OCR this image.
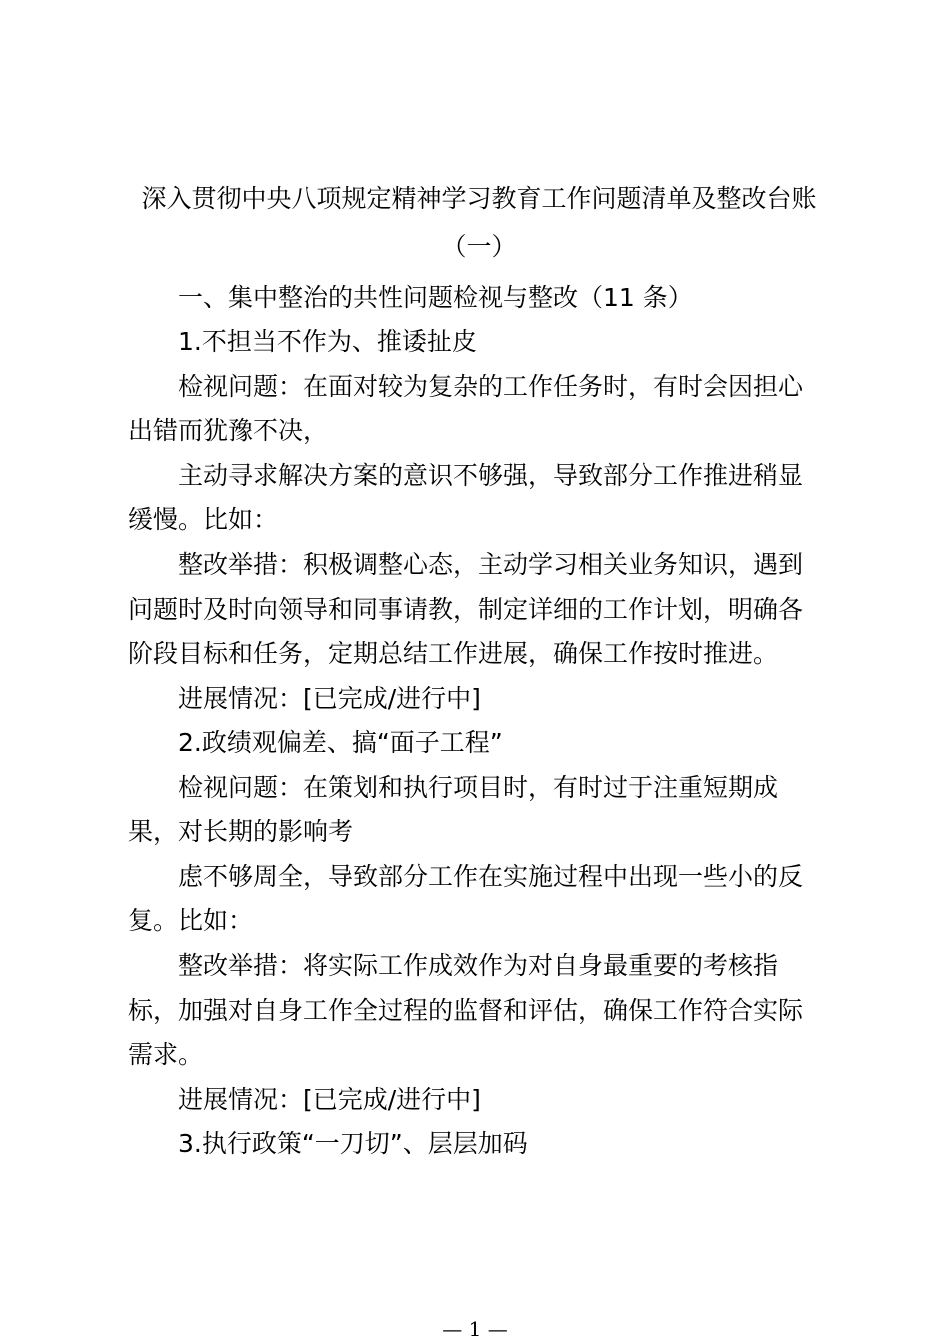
深入贯彻中央八项规定精神学习教育工作问题清单及整改台账
（一）
一、集中整治的共性问题检视与整改（11 条）
1.不担当不作为、推诿扯皮
检视问题：在面对较为复杂的工作任务时，有时会因担心
出错而犹豫不决，
主动寻求解决方案的意识不够强，导致部分工作推进稍显
缓慢。比如：
整改举措：积极调整心态，主动学习相关业务知识，遇到
问题时及时向领导和同事请教，制定详细的工作计划，明确各
阶段目标和任务，定期总结工作进展，确保工作按时推进。
进展情况：[已完成/进行中]
2.政绩观偏差、搞“面子工程”
检视问题：在策划和执行项目时，有时过于注重短期成
果，对长期的影响考
虑不够周全，导致部分工作在实施过程中出现一些小的反
复。比如：
整改举措：将实际工作成效作为对自身最重要的考核指
标，加强对自身工作全过程的监督和评估，确保工作符合实际
需求。
进展情况：[已完成/进行中]
3.执行政策“一刀切”、层层加码
— 1 —
